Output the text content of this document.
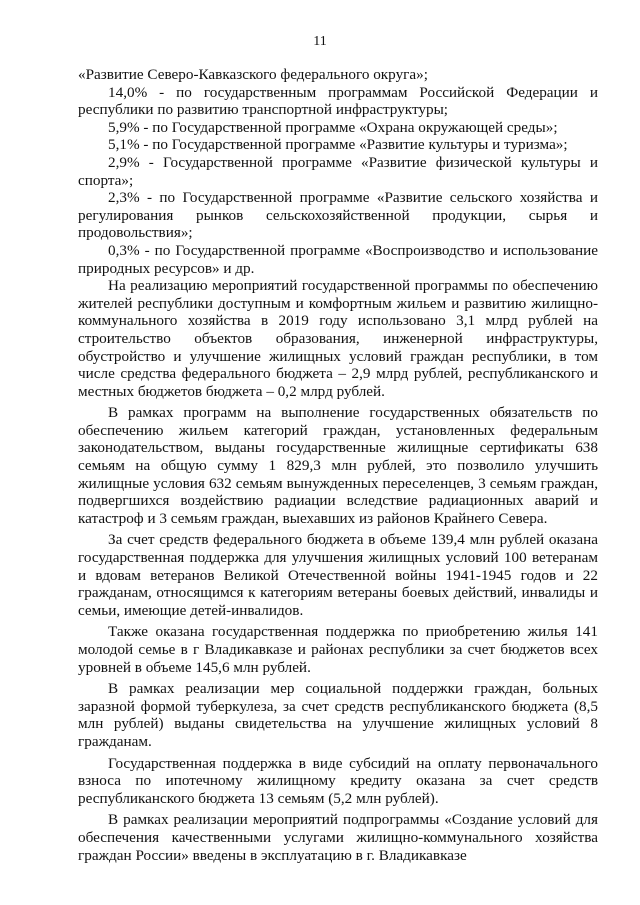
11

«Развитие Северо-Кавказского федерального округа»;

14,0% - по государственным программам Российской Федерации и республики по развитию транспортной инфраструктуры;

5,9% - по Государственной программе «Охрана окружающей среды»;

5,1% - по Государственной программе «Развитие культуры и туризма»;

2,9% - Государственной программе «Развитие физической культуры и спорта»;

2,3% - по Государственной программе «Развитие сельского хозяйства и регулирования рынков сельскохозяйственной продукции, сырья и продовольствия»;

0,3% - по Государственной программе «Воспроизводство и использование природных ресурсов» и др.

На реализацию мероприятий государственной программы по обеспечению жителей республики доступным и комфортным жильем и развитию жилищно-коммунального хозяйства в 2019 году использовано 3,1 млрд рублей на строительство объектов образования, инженерной инфраструктуры, обустройство и улучшение жилищных условий граждан республики, в том числе средства федерального бюджета – 2,9 млрд рублей, республиканского и местных бюджетов бюджета – 0,2 млрд рублей.

В рамках программ на выполнение государственных обязательств по обеспечению жильем категорий граждан, установленных федеральным законодательством, выданы государственные жилищные сертификаты 638 семьям на общую сумму 1 829,3 млн рублей, это позволило улучшить жилищные условия 632 семьям вынужденных переселенцев, 3 семьям граждан, подвергшихся воздействию радиации вследствие радиационных аварий и катастроф и 3 семьям граждан, выехавших из районов Крайнего Севера.

За счет средств федерального бюджета в объеме 139,4 млн рублей оказана государственная поддержка для улучшения жилищных условий 100 ветеранам и вдовам ветеранов Великой Отечественной войны 1941-1945 годов и 22 гражданам, относящимся к категориям ветераны боевых действий, инвалиды и семьи, имеющие детей-инвалидов.

Также оказана государственная поддержка по приобретению жилья 141 молодой семье в г Владикавказе и районах республики за счет бюджетов всех уровней в объеме 145,6 млн рублей.

В рамках реализации мер социальной поддержки граждан, больных заразной формой туберкулеза, за счет средств республиканского бюджета (8,5 млн рублей) выданы свидетельства на улучшение жилищных условий 8 гражданам.

Государственная поддержка в виде субсидий на оплату первоначального взноса по ипотечному жилищному кредиту оказана за счет средств республиканского бюджета 13 семьям (5,2 млн рублей).

В рамках реализации мероприятий подпрограммы «Создание условий для обеспечения качественными услугами жилищно-коммунального хозяйства граждан России» введены в эксплуатацию в г. Владикавказе
